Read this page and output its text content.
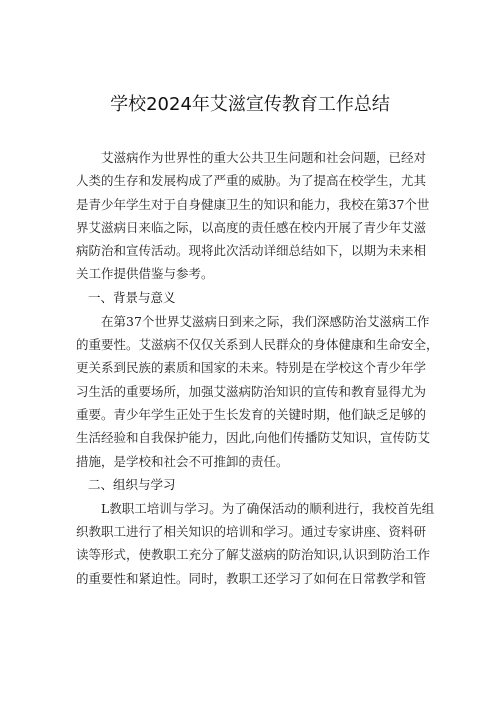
学校2024年艾滋宣传教育工作总结

艾滋病作为世界性的重大公共卫生问题和社会问题，已经对
人类的生存和发展构成了严重的威胁。为了提高在校学生，尤其
是青少年学生对于自身健康卫生的知识和能力，我校在第37个世
界艾滋病日来临之际，以高度的责任感在校内开展了青少年艾滋
病防治和宣传活动。现将此次活动详细总结如下，以期为未来相
关工作提供借鉴与参考。

一、背景与意义

在第37个世界艾滋病日到来之际，我们深感防治艾滋病工作
的重要性。艾滋病不仅仅关系到人民群众的身体健康和生命安全，
更关系到民族的素质和国家的未来。特别是在学校这个青少年学
习生活的重要场所，加强艾滋病防治知识的宣传和教育显得尤为
重要。青少年学生正处于生长发育的关键时期，他们缺乏足够的
生活经验和自我保护能力，因此,向他们传播防艾知识，宣传防艾
措施，是学校和社会不可推卸的责任。

二、组织与学习

L教职工培训与学习。为了确保活动的顺利进行，我校首先组
织教职工进行了相关知识的培训和学习。通过专家讲座、资料研
读等形式，使教职工充分了解艾滋病的防治知识,认识到防治工作
的重要性和紧迫性。同时，教职工还学习了如何在日常教学和管
